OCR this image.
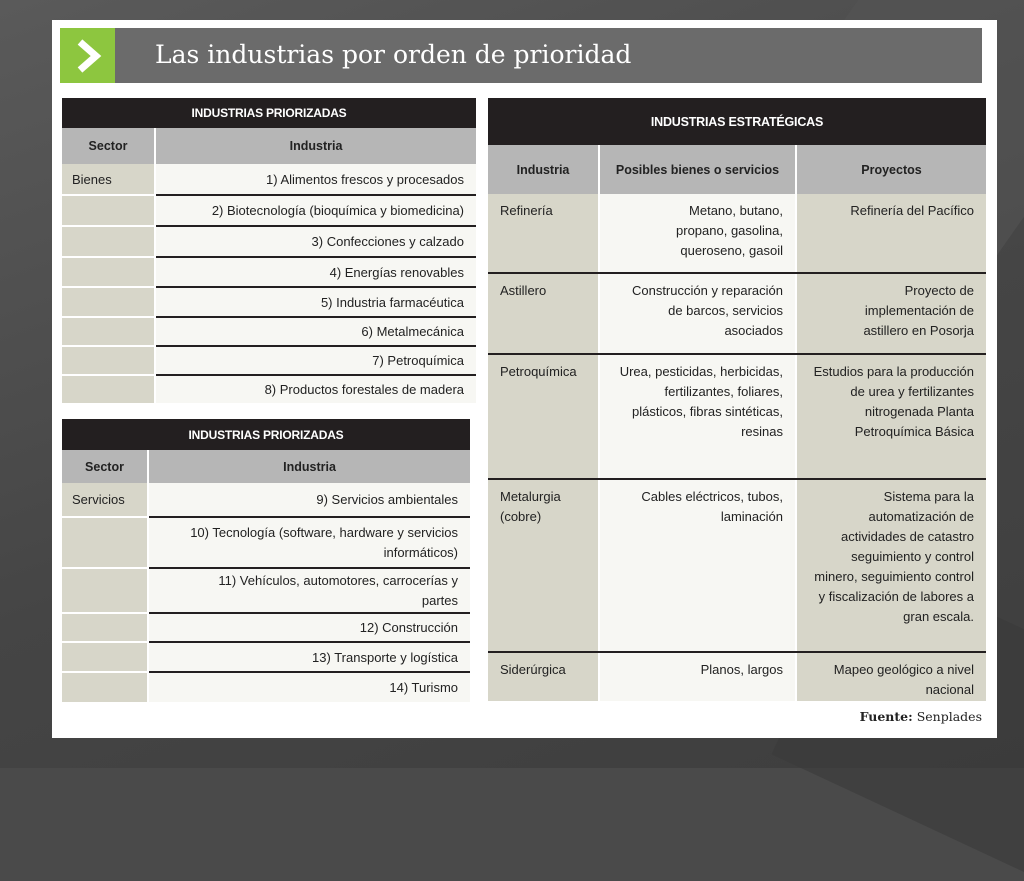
Las industrias por orden de prioridad
INDUSTRIAS PRIORIZADAS	
Sector	Industria
Bienes	1) Alimentos frescos y procesados
	2) Biotecnología (bioquímica y biomedicina)
	3) Confecciones y calzado
	4) Energías renovables
	5) Industria farmacéutica
	6) Metalmecánica
	7) Petroquímica
	8) Productos forestales de madera
INDUSTRIAS PRIORIZADAS	
Sector	Industria
Servicios	9) Servicios ambientales
	10) Tecnología (software, hardware y servicios informáticos)
	11) Vehículos, automotores, carrocerías y partes
	12) Construcción
	13) Transporte y logística
	14) Turismo
INDUSTRIAS ESTRATÉGICAS		
Industria	Posibles bienes o servicios	Proyectos
Refinería	Metano, butano, propano, gasolina, queroseno, gasoil	Refinería del Pacífico
Astillero	Construcción y reparación de barcos, servicios asociados	Proyecto de implementación de astillero en Posorja
Petroquímica	Urea, pesticidas, herbicidas, fertilizantes, foliares, plásticos, fibras sintéticas, resinas	Estudios para la producción de urea y fertilizantes nitrogenada Planta Petroquímica Básica
Metalurgia (cobre)	Cables eléctricos, tubos, laminación	Sistema para la automatización de actividades de catastro seguimiento y control minero, seguimiento control y fiscalización de labores a gran escala.
Siderúrgica	Planos, largos	Mapeo geológico a nivel nacional
Fuente: Senplades
